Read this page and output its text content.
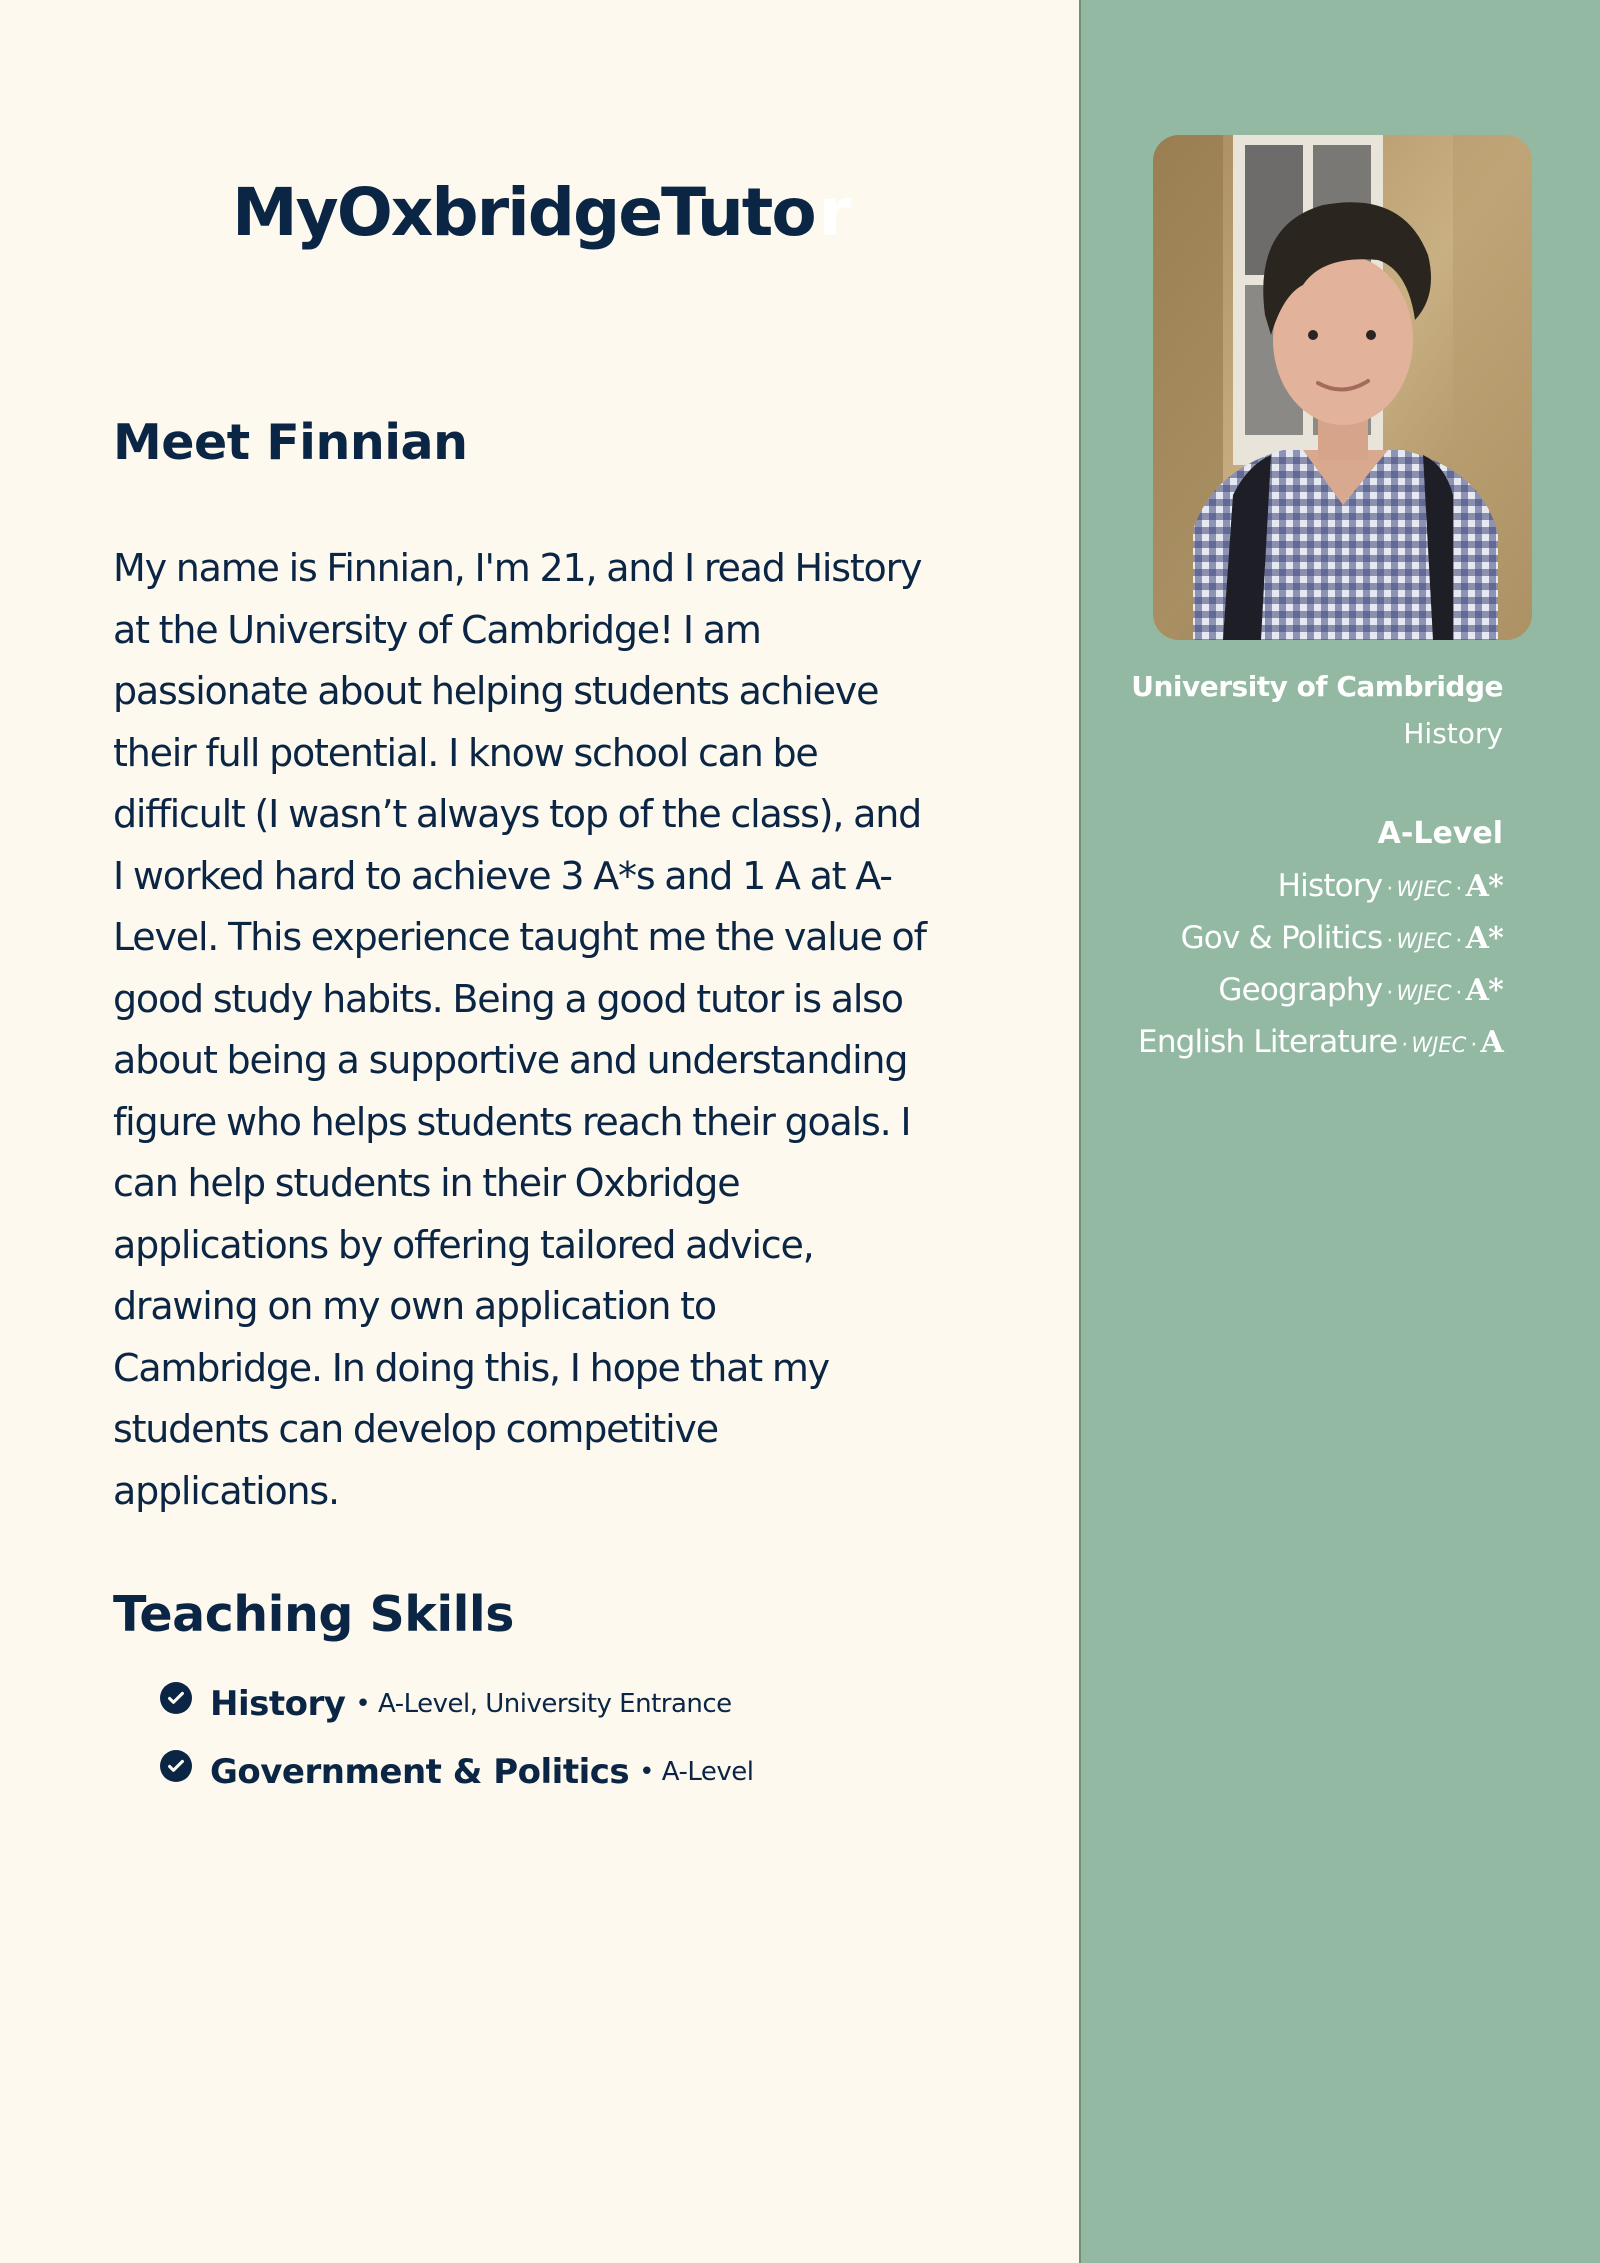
MyOxbridgeTutor
Meet Finnian

My name is Finnian, I'm 21, and I read History at the University of Cambridge! I am passionate about helping students achieve their full potential. I know school can be difficult (I wasn’t always top of the class), and I worked hard to achieve 3 A*s and 1 A at A-Level. This experience taught me the value of good study habits. Being a good tutor is also about being a supportive and understanding figure who helps students reach their goals. I can help students in their Oxbridge applications by offering tailored advice, drawing on my own application to Cambridge. In doing this, I hope that my students can develop competitive applications.

Teaching Skills
History • A-Level, University Entrance
Government & Politics • A-Level
University of Cambridge
History
A-Level
History · WJEC · A*
Gov & Politics · WJEC · A*
Geography · WJEC · A*
English Literature · WJEC · A
